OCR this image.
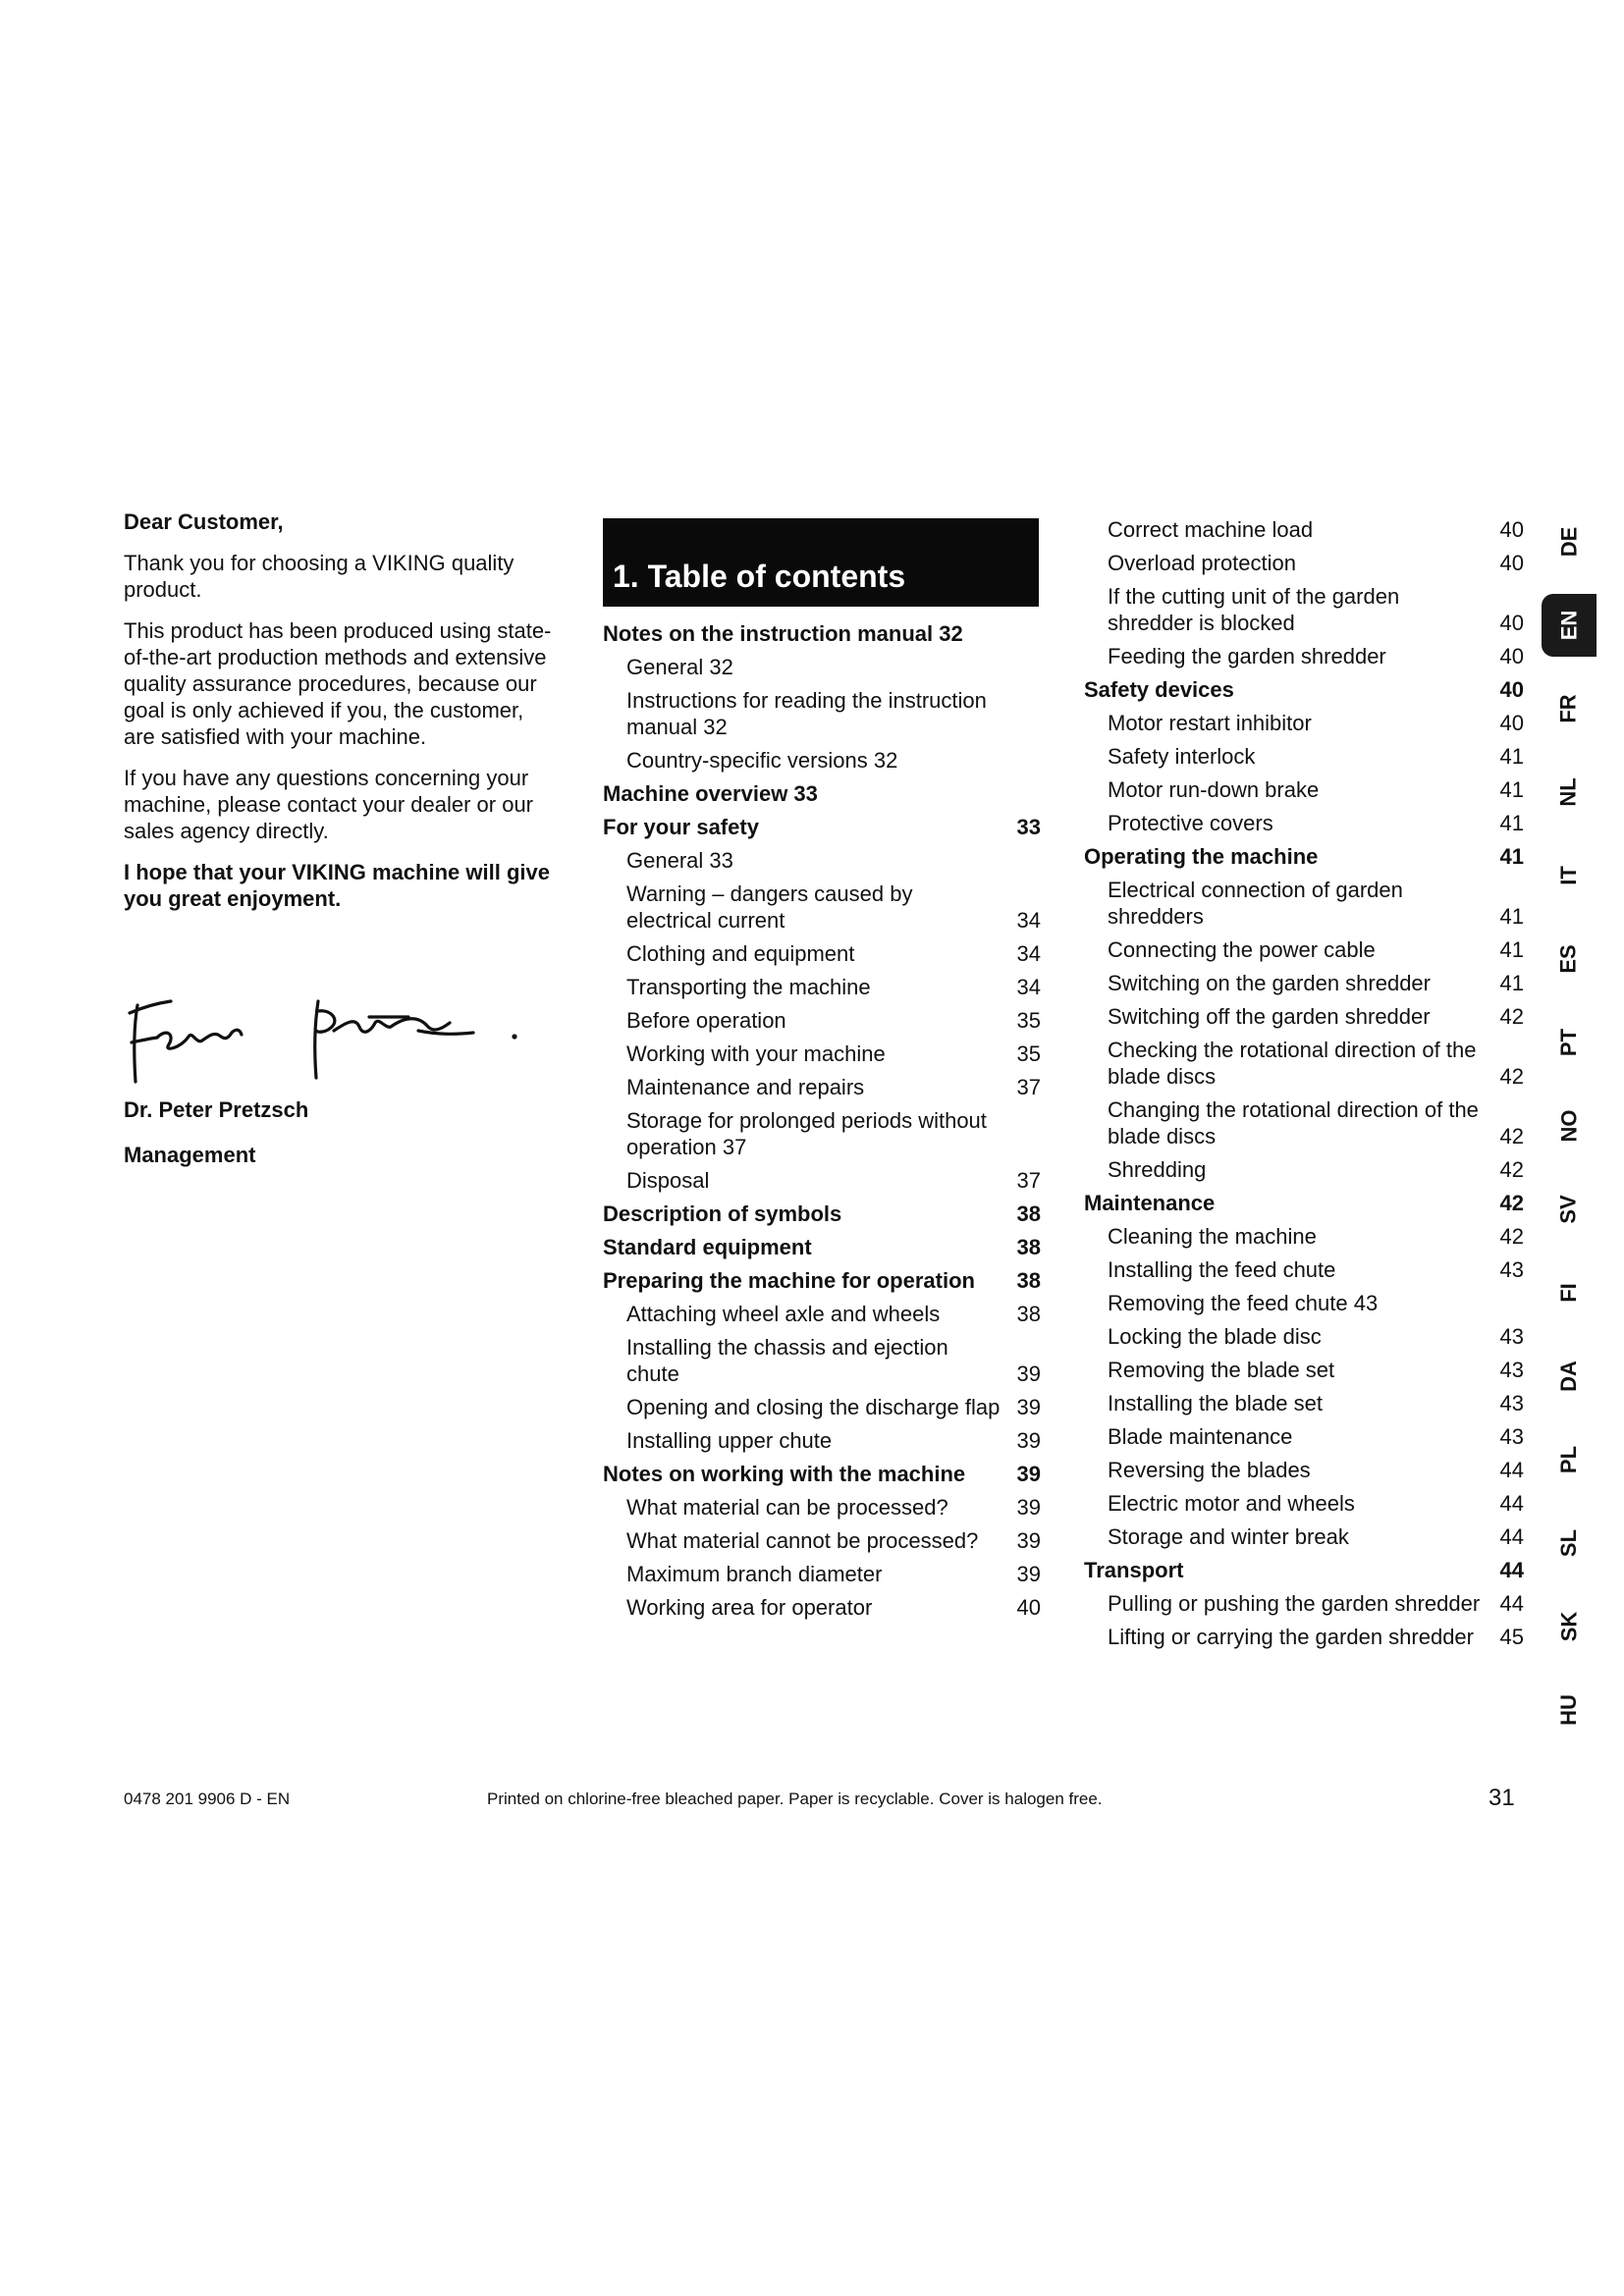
Dear Customer,

Thank you for choosing a VIKING quality product.

This product has been produced using state-of-the-art production methods and extensive quality assurance procedures, because our goal is only achieved if you, the customer, are satisfied with your machine.

If you have any questions concerning your machine, please contact your dealer or our sales agency directly.

I hope that your VIKING machine will give you great enjoyment.

Dr. Peter Pretzsch
Management
1. Table of contents
Notes on the instruction manual 32
General 32
Instructions for reading the instruction manual 32
Country-specific versions 32
Machine overview 33
For your safety	33
General 33
Warning – dangers caused by electrical current	34
Clothing and equipment	34
Transporting the machine	34
Before operation	35
Working with your machine	35
Maintenance and repairs	37
Storage for prolonged periods without operation 37
Disposal	37
Description of symbols	38
Standard equipment	38
Preparing the machine for operation	38
Attaching wheel axle and wheels	38
Installing the chassis and ejection chute	39
Opening and closing the discharge flap 39
Installing upper chute	39
Notes on working with the machine	39
What material can be processed?	39
What material cannot be processed?	39
Maximum branch diameter	39
Working area for operator	40
Correct machine load	40
Overload protection	40
If the cutting unit of the garden shredder is blocked	40
Feeding the garden shredder	40
Safety devices	40
Motor restart inhibitor	40
Safety interlock	41
Motor run-down brake	41
Protective covers	41
Operating the machine	41
Electrical connection of garden shredders	41
Connecting the power cable	41
Switching on the garden shredder	41
Switching off the garden shredder	42
Checking the rotational direction of the blade discs	42
Changing the rotational direction of the blade discs	42
Shredding	42
Maintenance	42
Cleaning the machine	42
Installing the feed chute	43
Removing the feed chute 43
Locking the blade disc	43
Removing the blade set	43
Installing the blade set	43
Blade maintenance	43
Reversing the blades	44
Electric motor and wheels	44
Storage and winter break	44
Transport	44
Pulling or pushing the garden shredder 44
Lifting or carrying the garden shredder	45
DE
EN
FR
NL
IT
ES
PT
NO
SV
FI
DA
PL
SL
SK
HU
0478 201 9906 D - EN	Printed on chlorine-free bleached paper. Paper is recyclable. Cover is halogen free.	31
